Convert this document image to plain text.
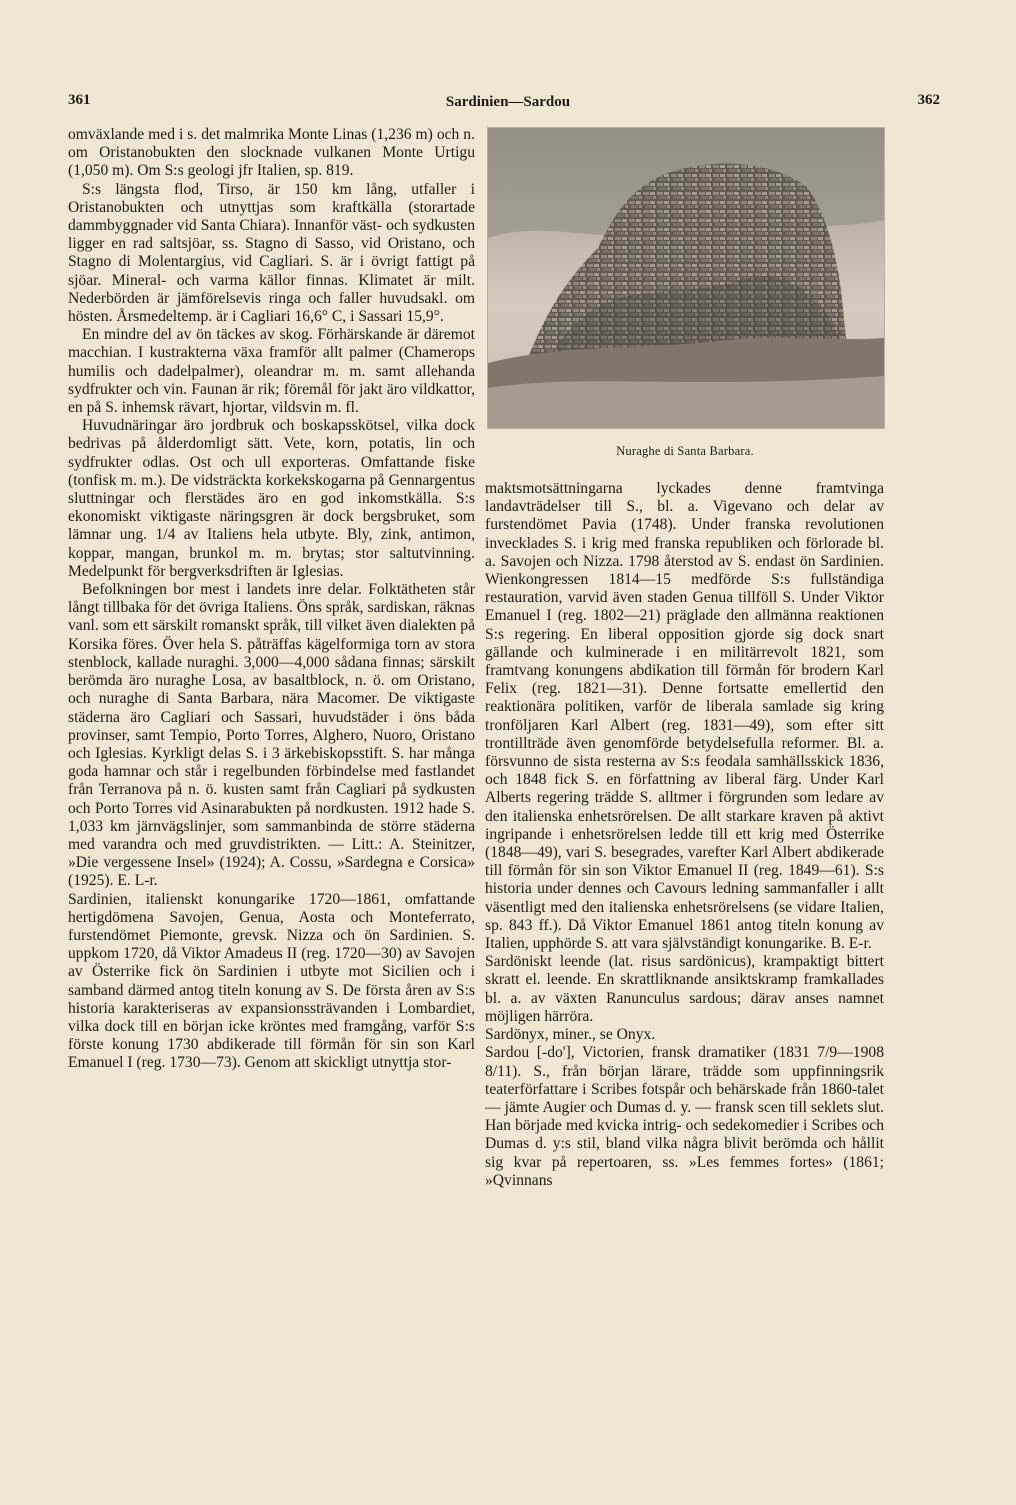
361	Sardinien—Sardou	362

omväxlande med i s. det malmrika Monte Linas (1,236 m) och n. om Oristanobukten den slocknade vulkanen Monte Urtigu (1,050 m). Om S:s geologi jfr Italien, sp. 819.

S:s längsta flod, Tirso, är 150 km lång, utfaller i Oristanobukten och utnyttjas som kraftkälla (storartade dammbyggnader vid Santa Chiara). Innanför väst- och sydkusten ligger en rad saltsjöar, ss. Stagno di Sasso, vid Oristano, och Stagno di Molentargius, vid Cagliari. S. är i övrigt fattigt på sjöar. Mineral- och varma källor finnas. Klimatet är milt. Nederbörden är jämförelsevis ringa och faller huvudsakl. om hösten. Årsmedeltemp. är i Cagliari 16,6° C, i Sassari 15,9°.

En mindre del av ön täckes av skog. Förhärskande är däremot macchian. I kustrakterna växa framför allt palmer (Chamerops humilis och dadelpalmer), oleandrar m. m. samt allehanda sydfrukter och vin. Faunan är rik; föremål för jakt äro vildkattor, en på S. inhemsk rävart, hjortar, vildsvin m. fl.

Huvudnäringar äro jordbruk och boskapsskötsel, vilka dock bedrivas på ålderdomligt sätt. Vete, korn, potatis, lin och sydfrukter odlas. Ost och ull exporteras. Omfattande fiske (tonfisk m. m.). De vidsträckta korkekskogarna på Gennargentus sluttningar och flerstädes äro en god inkomstkälla. S:s ekonomiskt viktigaste näringsgren är dock bergsbruket, som lämnar ung. 1/4 av Italiens hela utbyte. Bly, zink, antimon, koppar, mangan, brunkol m. m. brytas; stor saltutvinning. Medelpunkt för bergverksdriften är Iglesias.

Befolkningen bor mest i landets inre delar. Folktätheten står långt tillbaka för det övriga Italiens. Öns språk, sardiskan, räknas vanl. som ett särskilt romanskt språk, till vilket även dialekten på Korsika föres. Över hela S. påträffas kägelformiga torn av stora stenblock, kallade nuraghi. 3,000—4,000 sådana finnas; särskilt berömda äro nuraghe Losa, av basaltblock, n. ö. om Oristano, och nuraghe di Santa Barbara, nära Macomer. De viktigaste städerna äro Cagliari och Sassari, huvudstäder i öns båda provinser, samt Tempio, Porto Torres, Alghero, Nuoro, Oristano och Iglesias. Kyrkligt delas S. i 3 ärkebiskopsstift. S. har många goda hamnar och står i regelbunden förbindelse med fastlandet från Terranova på n. ö. kusten samt från Cagliari på sydkusten och Porto Torres vid Asinarabukten på nordkusten. 1912 hade S. 1,033 km järnvägslinjer, som sammanbinda de större städerna med varandra och med gruvdistrikten. — Litt.: A. Steinitzer, »Die vergessene Insel» (1924); A. Cossu, »Sardegna e Corsica» (1925). E. L-r.

Sardinien, italienskt konungarike 1720—1861, omfattande hertigdömena Savojen, Genua, Aosta och Monteferrato, furstendömet Piemonte, grevsk. Nizza och ön Sardinien. S. uppkom 1720, då Viktor Amadeus II (reg. 1720—30) av Savojen av Österrike fick ön Sardinien i utbyte mot Sicilien och i samband därmed antog titeln konung av S. De första åren av S:s historia karakteriseras av expansionssträvanden i Lombardiet, vilka dock till en början icke kröntes med framgång, varför S:s förste konung 1730 abdikerade till förmån för sin son Karl Emanuel I (reg. 1730—73). Genom att skickligt utnyttja stor-

Nuraghe di Santa Barbara.

maktsmotsättningarna lyckades denne framtvinga landavträdelser till S., bl. a. Vigevano och delar av furstendömet Pavia (1748). Under franska revolutionen invecklades S. i krig med franska republiken och förlorade bl. a. Savojen och Nizza. 1798 återstod av S. endast ön Sardinien. Wienkongressen 1814—15 medförde S:s fullständiga restauration, varvid även staden Genua tillföll S. Under Viktor Emanuel I (reg. 1802—21) präglade den allmänna reaktionen S:s regering. En liberal opposition gjorde sig dock snart gällande och kulminerade i en militärrevolt 1821, som framtvang konungens abdikation till förmån för brodern Karl Felix (reg. 1821—31). Denne fortsatte emellertid den reaktionära politiken, varför de liberala samlade sig kring tronföljaren Karl Albert (reg. 1831—49), som efter sitt trontillträde även genomförde betydelsefulla reformer. Bl. a. försvunno de sista resterna av S:s feodala samhällsskick 1836, och 1848 fick S. en författning av liberal färg. Under Karl Alberts regering trädde S. alltmer i förgrunden som ledare av den italienska enhetsrörelsen. De allt starkare kraven på aktivt ingripande i enhetsrörelsen ledde till ett krig med Österrike (1848—49), vari S. besegrades, varefter Karl Albert abdikerade till förmån för sin son Viktor Emanuel II (reg. 1849—61). S:s historia under dennes och Cavours ledning sammanfaller i allt väsentligt med den italienska enhetsrörelsens (se vidare Italien, sp. 843 ff.). Då Viktor Emanuel 1861 antog titeln konung av Italien, upphörde S. att vara självständigt konungarike. B. E-r.

Sardöniskt leende (lat. risus sardönicus), krampaktigt bittert skratt el. leende. En skrattliknande ansiktskramp framkallades bl. a. av växten Ranunculus sardous; därav anses namnet möjligen härröra.

Sardönyx, miner., se Onyx.

Sardou [-do'], Victorien, fransk dramatiker (1831 7/9—1908 8/11). S., från början lärare, trädde som uppfinningsrik teaterförfattare i Scribes fotspår och behärskade från 1860-talet — jämte Augier och Dumas d. y. — fransk scen till seklets slut. Han började med kvicka intrig- och sedekomedier i Scribes och Dumas d. y:s stil, bland vilka några blivit berömda och hållit sig kvar på repertoaren, ss. »Les femmes fortes» (1861; »Qvinnans
